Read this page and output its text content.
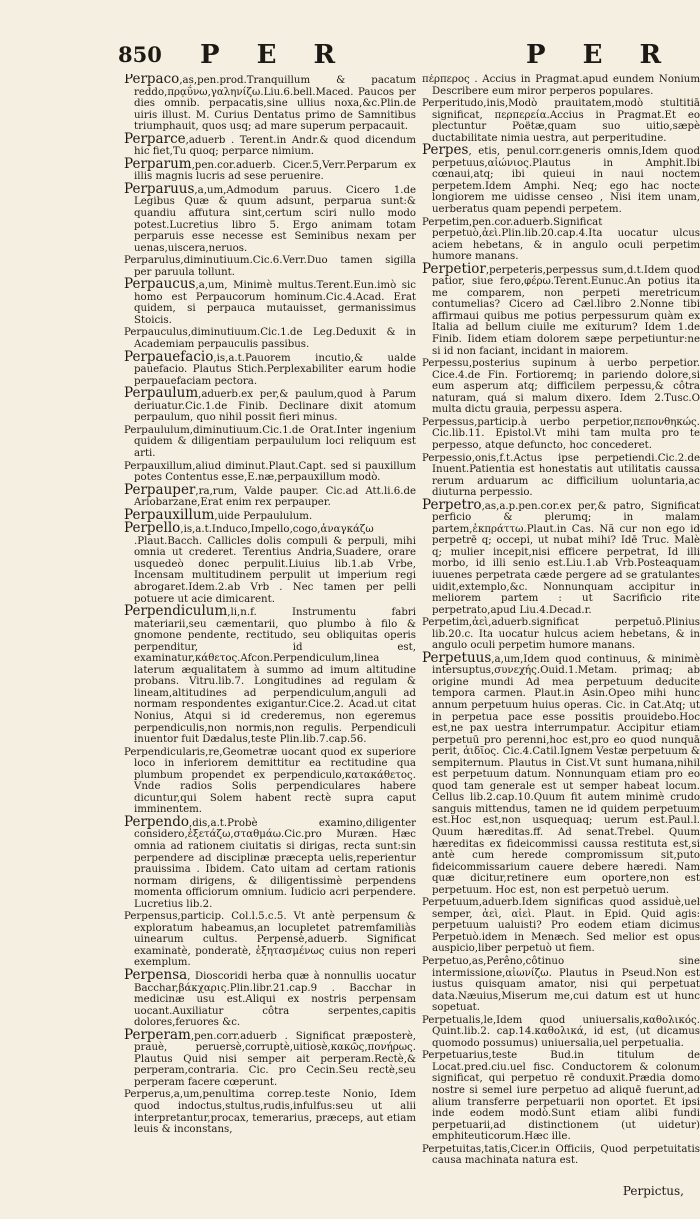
850 P E R	P E R

Perpaco,as,pen.prod.Tranquillum & pacatum reddo,πρᾳΰνω,γαληνίζω.Liu.6.bell.Maced. Paucos per dies omnib. perpacatis,sine ullius noxa,&c.Plin.de uiris illust. M. Curius Dentatus primo de Samnitibus triumphauit, quos usq; ad mare superum perpacauit.

Perparce,aduerb . Terent.in Andr.& quod dicendum hic fiet,Tu quoq; perparce nimium.

Perparum,pen.cor.aduerb. Cicer.5,Verr.Perparum ex illis magnis lucris ad sese peruenire.

Perparuus,a,um,Admodum paruus. Cicero 1.de Legibus Quæ & quum adsunt, perparua sunt:& quandiu affutura sint,certum sciri nullo modo potest.Lucretius libro 5. Ergo animam totam perparuis esse necesse est Seminibus nexam per uenas,uiscera,neruos.

Perparulus,diminutiuum.Cic.6.Verr.Duo tamen sigilla per paruula tollunt.

Perpaucus,a,um, Minimè multus.Terent.Eun.imò sic homo est Perpaucorum hominum.Cic.4.Acad. Erat quidem, si perpauca mutauisset, germanissimus Stoicis.

Perpauculus,diminutiuum.Cic.1.de Leg.Deduxit & in Academiam perpauculis passibus.

Perpauefacio,is,a.t.Pauorem incutio,& ualde pauefacio. Plautus Stich.Perplexabiliter earum hodie perpauefaciam pectora.

Perpaulum,aduerb.ex per,& paulum,quod à Parum deriuatur.Cic.1.de Finib. Declinare dixit atomum perpaulum, quo nihil possit fieri minus.

Perpaululum,diminutiuum.Cic.1.de Orat.Inter ingenium quidem & diligentiam perpaululum loci reliquum est arti.

Perpauxillum,aliud diminut.Plaut.Capt. sed si pauxillum potes Contentus esse,E.næ,perpauxillum modò.

Perpauper,ra,rum, Valde pauper. Cic.ad Att.li.6.de Ariobarzane,Erat enim rex perpauper.

Perpauxillum,uide Perpaululum.

Perpello,is,a.t.Induco,Impello,cogo,ἀναγκάζω .Plaut.Bacch. Callicles dolis compuli & perpuli, mihi omnia ut crederet. Terentius Andria,Suadere, orare usquedeò donec perpulit.Liuius lib.1.ab Vrbe, Incensam multitudinem perpulit ut imperium regi abrogaret.Idem.2.ab Vrb . Nec tamen per pelli potuere ut acie dimicarent.

Perpendiculum,li,n.f. Instrumentu fabri materiarii,seu cæmentarii, quo plumbo à filo & gnomone pendente, rectitudo, seu obliquitas operis perpenditur, id est, examinatur,κάθετος.Afcon.Perpendiculum,linea laterum æqualitatem à summo ad imum altitudine probans. Vitru.lib.7. Longitudines ad regulam & lineam,altitudines ad perpendiculum,anguli ad normam respondentes exigantur.Cice.2. Acad.ut citat Nonius, Atqui si id crederemus, non egeremus perpendiculis,non normis,non regulis. Perpendiculi inuentor fuit Dædalus,teste Plin.lib.7.cap.56.

Perpendicularis,re,Geometræ uocant quod ex superiore loco in inferiorem demittitur ea rectitudine qua plumbum propendet ex perpendiculo,κατακάθετος. Vnde radios Solis perpendiculares habere dicuntur,qui Solem habent rectè supra caput imminentem.

Perpendo,dis,a.t.Probè examino,diligenter considero,ἐξετάζω,σταθμάω.Cic.pro Muræn. Hæc omnia ad rationem ciuitatis si dirigas, recta sunt:sin perpendere ad disciplinæ præcepta uelis,reperientur prauissima . Ibidem. Cato uitam ad certam rationis normam dirigens, & diligentissimè perpendens momenta officiorum omnium. Iudicio acri perpendere. Lucretius lib.2.

Perpensus,particip. Col.l.5.c.5. Vt antè perpensum & exploratum habeamus,an locupletet patremfamiliàs uinearum cultus. Perpensè,aduerb. Significat examinatè, ponderatè, ἐξητασμένως cuius non reperi exemplum.

Perpensa, Dioscoridi herba quæ à nonnullis uocatur Bacchar,βάκχαρις.Plin.libr.21.cap.9 . Bacchar in medicinæ usu est.Aliqui ex nostris perpensam uocant.Auxiliatur côtra serpentes,capitis dolores,feruores &c.

Perperam,pen.corr.aduerb . Significat præposterè, prauè, peruersè,corruptè,uitiosè,κακῶς,πονήρως. Plautus Quid nisi semper ait perperam.Rectè,& perperam,contraria. Cic. pro Cecin.Seu rectè,seu perperam facere cœperunt.

Perperus,a,um,penultima correp.teste Nonio, Idem quod indoctus,stultus,rudis,infulfus:seu ut alii interpretantur,procax, temerarius, præceps, aut etiam leuis & inconstans,

πέρπερος . Accius in Pragmat.apud eundem Nonium Describere eum miror perperos populares.

Perperitudo,inis,Modò prauitatem,modò stultitiā significat, περπερεία.Accius in Pragmat.Et eo plectuntur Poëtæ,quam suo uitio,sæpè ductabilitate nimia uestra, aut perperitudine.

Perpes, etis, penul.corr.generis omnis,Idem quod perpetuus,αἰώνιος.Plautus in Amphit.Ibi cœnaui,atq; ibi quieui in naui noctem perpetem.Idem Amphi. Neq; ego hac nocte longiorem me uidisse censeo , Nisi item unam, uerberatus quam pependi perpetem.

Perpetim,pen.cor.aduerb.Significat perpetuò,ἀεὶ.Plin.lib.20.cap.4.Ita uocatur ulcus aciem hebetans, & in angulo oculi perpetim humore manans.

Perpetior,perpeteris,perpessus sum,d.t.Idem quod patior, siue fero,φέρω.Terent.Eunuc.An potius ita me comparem, non perpeti meretricum contumelias? Cicero ad Cæl.libro 2.Nonne tibi affirmaui quibus me potius perpessurum quàm ex Italia ad bellum ciuile me exiturum? Idem 1.de Finib. Iidem etiam dolorem sæpe perpetiuntur:ne si id non faciant, incidant in maiorem.

Perpessu,posterius supinum à uerbo perpetior. Cice.4.de Fin. Fortioremq; in pariendo dolore,si eum asperum atq; difficilem perpessu,& côtra naturam, quá si malum dixero. Idem 2.Tusc.O multa dictu grauia, perpessu aspera.

Perpessus,particip.à uerbo perpetior,πεπονθηκώς. Cic.lib.11. Epistol.Vt mihi tam multa pro te perpesso, atque defuncto, hoc concederet.

Perpessio,onis,f.t.Actus ipse perpetiendi.Cic.2.de Inuent.Patientia est honestatis aut utilitatis caussa rerum arduarum ac difficilium uoluntaria,ac diuturna perpessio.

Perpetro,as,a.p.pen.cor.ex per,& patro, Significat perficio & plerumq; in malam partem,ἐκπράττω.Plaut.in Cas. Nã cur non ego id perpetrē q; occepi, ut nubat mihi? Idē Truc. Malè q; mulier incepit,nisi efficere perpetrat, Id illi morbo, id illi senio est.Liu.1.ab Vrb.Posteaquam iuuenes perpetrata cæde pergere ad se gratulantes uidit,extemplo,&c. Nonnunquam accipitur in meliorem partem : ut Sacrificio rite perpetrato,apud Liu.4.Decad.r.

Perpetim,ἀεὶ,aduerb.significat perpetuō.Plinius lib.20.c. Ita uocatur hulcus aciem hebetans, & in angulo oculi perpetim humore manans.

Perpetuus,a,um,Idem quod continuus, & minimè intersuptus,συνεχής.Ouid.1.Metam. primaq; ab origine mundi Ad mea perpetuum deducite tempora carmen. Plaut.in Asin.Opeo mihi hunc annum perpetuum huius operas. Cic. in Cat.Atq; ut in perpetua pace esse possitis prouidebo.Hoc est,ne pax uestra interrumpatur. Accipitur etiam perpetuū pro perenni,hoc est,pro eo quod nunquā perit, ἀιδῖος. Cic.4.Catil.Ignem Vestæ perpetuum & sempiternum. Plautus in Cist.Vt sunt humana,nihil est perpetuum datum. Nonnunquam etiam pro eo quod tam generale est ut semper habeat locum. Cellus lib.2.cap.10.Quum fit autem minimè crudo sanguis mittendus, tamen ne id quidem perpetuum est.Hoc est,non usquequaq; uerum est.Paul.l. Quum hæreditas.ff. Ad senat.Trebel. Quum hæreditas ex fideicommissi caussa restituta est,si antè cum herede compromissum sit,puto fideicommissarium cauere debere hæredi. Nam quæ dicitur,retinere eum oportere,non est perpetuum. Hoc est, non est perpetuò uerum.

Perpetuum,aduerb.Idem significas quod assiduè,uel semper, ἀεὶ, αἰεὶ. Plaut. in Epid. Quid agis: perpetuum ualuisti? Pro eodem etiam dicimus Perpetuò.idem in Menæch. Sed melior est opus auspicio,liber perpetuò ut fiem.

Perpetuo,as,Perêno,côtinuo sine intermissione,αἰωνίζω. Plautus in Pseud.Non est iustus quisquam amator, nisi qui perpetuat data.Næuius,Miserum me,cui datum est ut hunc sopetuat.

Perpetualis,le,Idem quod uniuersalis,καθολικός. Quint.lib.2. cap.14.καθολικά, id est, (ut dicamus quomodo possumus) uniuersalia,uel perpetualia.

Perpetuarius,teste Bud.in titulum de Locat.pred.ciu.uel fisc. Conductorem & colonum significat, qui perpetuo rē conduxit.Prædia domo nostre si semel iure perpetuo ad aliquē fuerunt,ad alium transferre perpetuarii non oportet. Et ipsi inde eodem modò.Sunt etiam alibi fundi perpetuarii,ad distinctionem (ut uidetur) emphiteuticorum.Hæc ille.

Perpetuitas,tatis,Cicer.in Officiis, Quod perpetuitatis causa machinata natura est.

Perpictus,
